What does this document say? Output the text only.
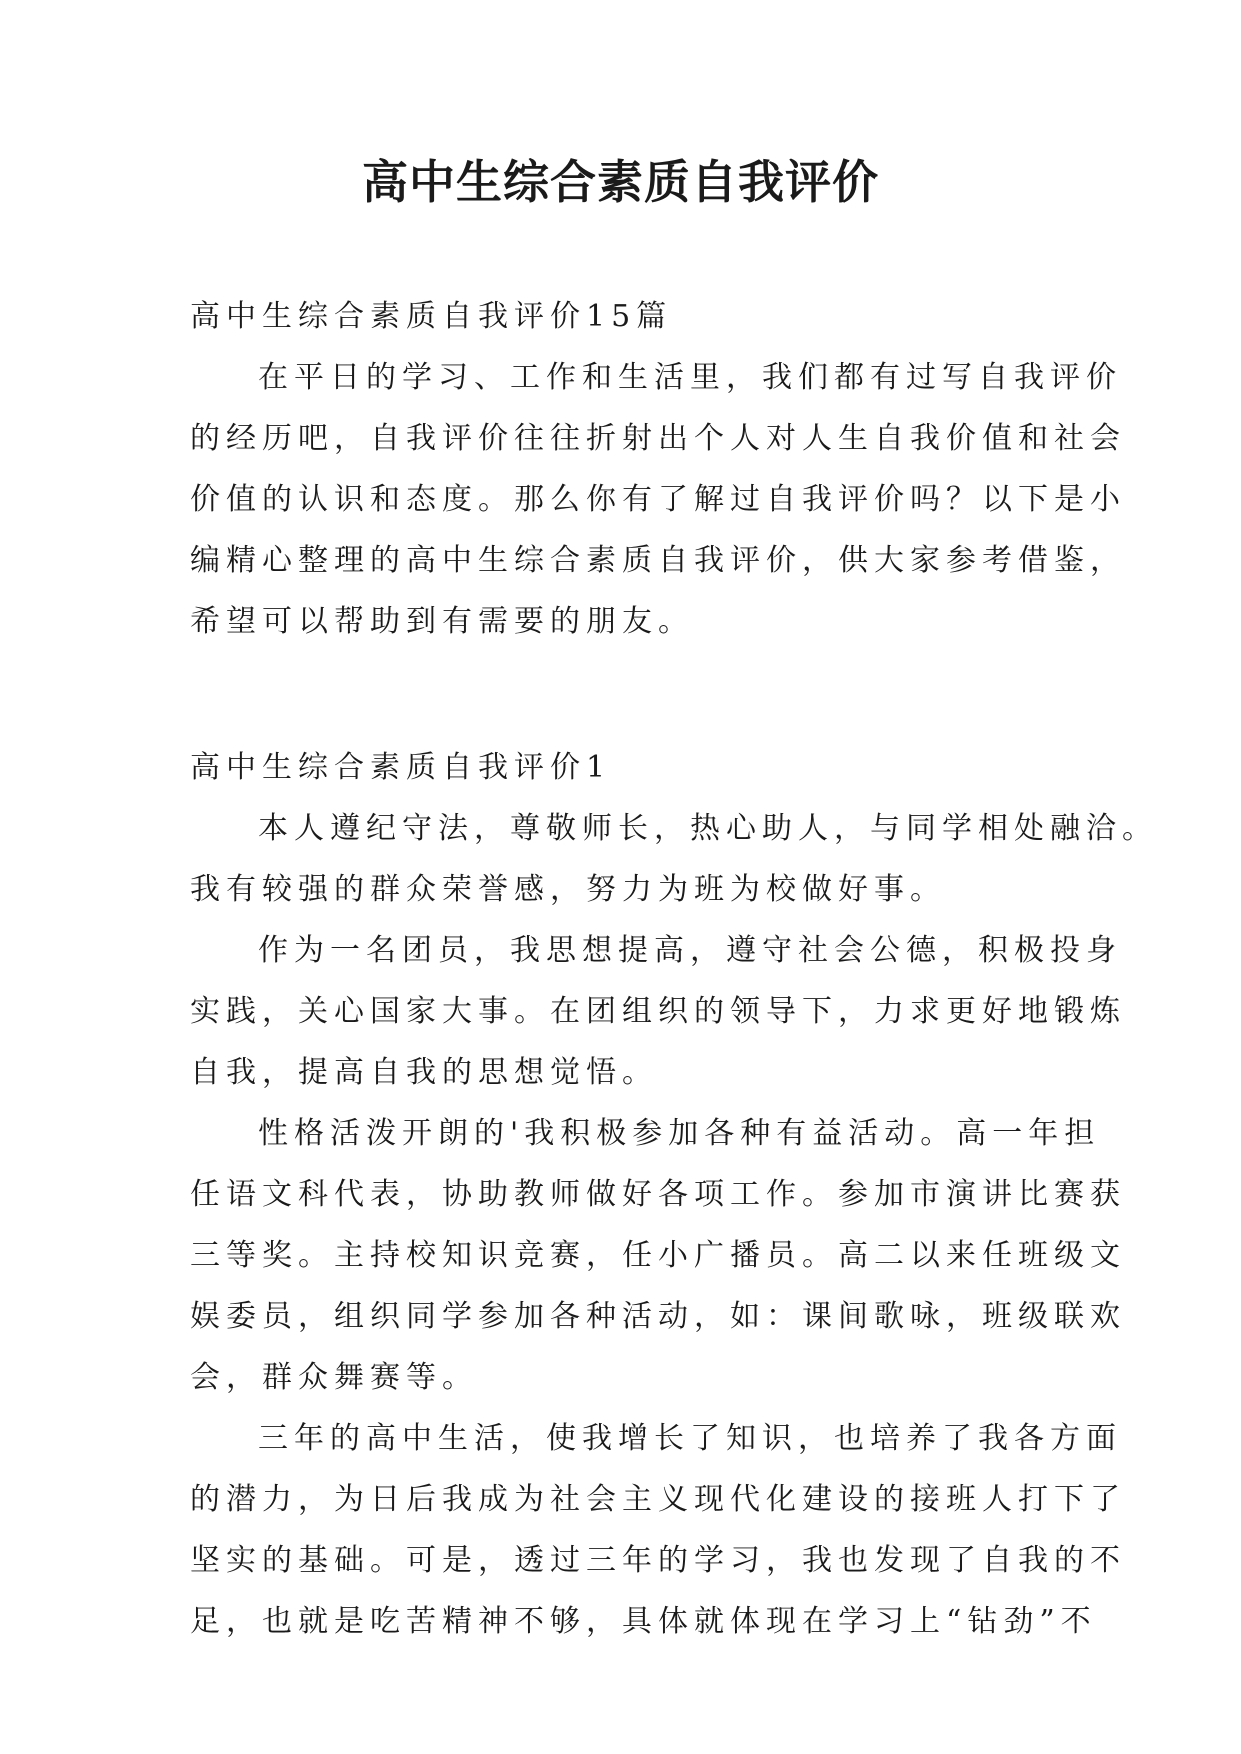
高中生综合素质自我评价

高中生综合素质自我评价15篇

在平日的学习、工作和生活里，我们都有过写自我评价

的经历吧，自我评价往往折射出个人对人生自我价值和社会

价值的认识和态度。那么你有了解过自我评价吗？以下是小

编精心整理的高中生综合素质自我评价，供大家参考借鉴，

希望可以帮助到有需要的朋友。

高中生综合素质自我评价1

本人遵纪守法，尊敬师长，热心助人，与同学相处融洽。

我有较强的群众荣誉感，努力为班为校做好事。

作为一名团员，我思想提高，遵守社会公德，积极投身

实践，关心国家大事。在团组织的领导下，力求更好地锻炼

自我，提高自我的思想觉悟。

性格活泼开朗的'我积极参加各种有益活动。高一年担

任语文科代表，协助教师做好各项工作。参加市演讲比赛获

三等奖。主持校知识竞赛，任小广播员。高二以来任班级文

娱委员，组织同学参加各种活动，如：课间歌咏，班级联欢

会，群众舞赛等。

三年的高中生活，使我增长了知识，也培养了我各方面

的潜力，为日后我成为社会主义现代化建设的接班人打下了

坚实的基础。可是，透过三年的学习，我也发现了自我的不

足，也就是吃苦精神不够，具体就体现在学习上“钻劲”不
